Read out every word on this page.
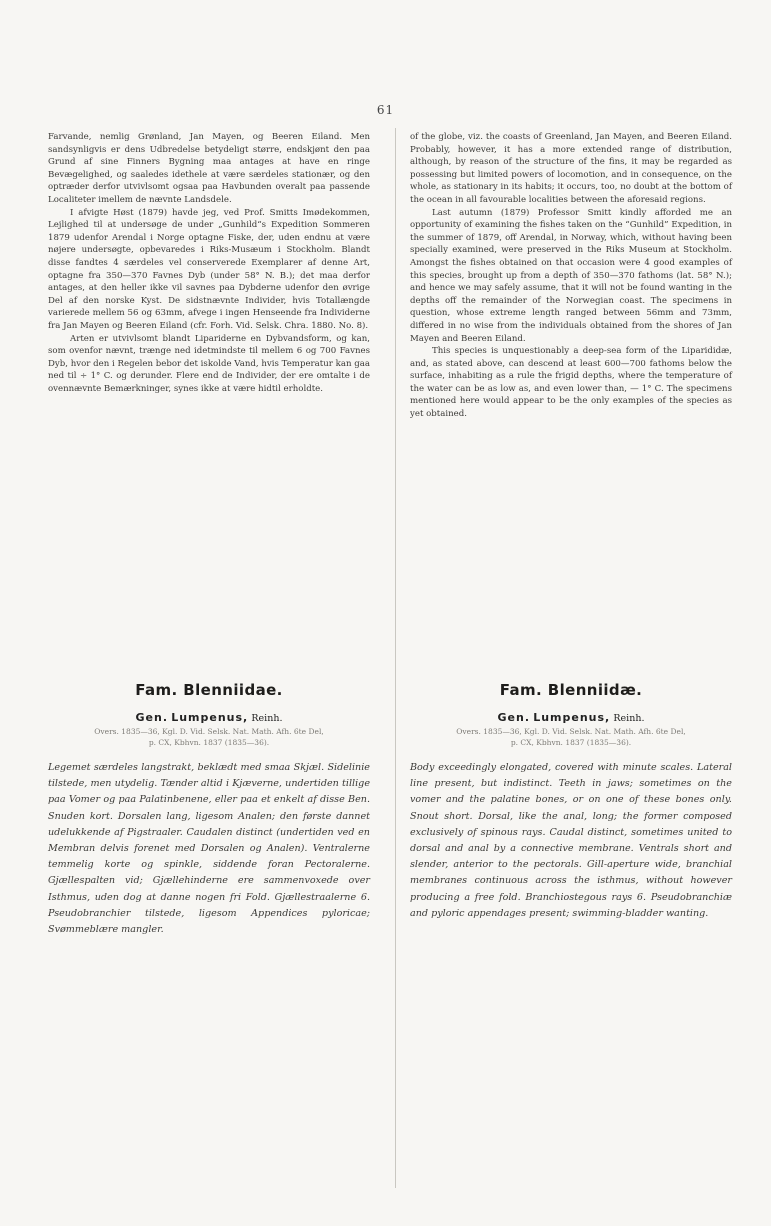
61

Farvande, nemlig Grønland, Jan Mayen, og Beeren Eiland. Men sandsynligvis er dens Udbredelse betydeligt større, endskjønt den paa Grund af sine Finners Bygning maa antages at have en ringe Bevægelighed, og saaledes idethele at være særdeles stationær, og den optræder derfor utvivlsomt ogsaa paa Havbunden overalt paa passende Localiteter imellem de nævnte Landsdele.

I afvigte Høst (1879) havde jeg, ved Prof. Smitts Imødekommen, Lejlighed til at undersøge de under „Gunhild“s Expedition Sommeren 1879 udenfor Arendal i Norge optagne Fiske, der, uden endnu at være nøjere undersøgte, opbevaredes i Riks-Musæum i Stockholm. Blandt disse fandtes 4 særdeles vel conserverede Exemplarer af denne Art, optagne fra 350—370 Favnes Dyb (under 58° N. B.); det maa derfor antages, at den heller ikke vil savnes paa Dybderne udenfor den øvrige Del af den norske Kyst. De sidstnævnte Individer, hvis Totallængde varierede mellem 56 og 63mm, afvege i ingen Henseende fra Individerne fra Jan Mayen og Beeren Eiland (cfr. Forh. Vid. Selsk. Chra. 1880. No. 8).

Arten er utvivlsomt blandt Lipariderne en Dybvandsform, og kan, som ovenfor nævnt, trænge ned idetmindste til mellem 6 og 700 Favnes Dyb, hvor den i Regelen bebor det iskolde Vand, hvis Temperatur kan gaa ned til ÷ 1° C. og derunder. Flere end de Individer, der ere omtalte i de ovennævnte Bemærkninger, synes ikke at være hidtil erholdte.

of the globe, viz. the coasts of Greenland, Jan Mayen, and Beeren Eiland. Probably, however, it has a more extended range of distribution, although, by reason of the structure of the fins, it may be regarded as possessing but limited powers of locomotion, and in consequence, on the whole, as stationary in its habits; it occurs, too, no doubt at the bottom of the ocean in all favourable localities between the aforesaid regions.

Last autumn (1879) Professor Smitt kindly afforded me an opportunity of examining the fishes taken on the “Gunhild” Expedition, in the summer of 1879, off Arendal, in Norway, which, without having been specially examined, were preserved in the Riks Museum at Stockholm. Amongst the fishes obtained on that occasion were 4 good examples of this species, brought up from a depth of 350—370 fathoms (lat. 58° N.); and hence we may safely assume, that it will not be found wanting in the depths off the remainder of the Norwegian coast. The specimens in question, whose extreme length ranged between 56mm and 73mm, differed in no wise from the individuals obtained from the shores of Jan Mayen and Beeren Eiland.

This species is unquestionably a deep-sea form of the Liparididæ, and, as stated above, can descend at least 600—700 fathoms below the surface, inhabiting as a rule the frigid depths, where the temperature of the water can be as low as, and even lower than, — 1° C. The specimens mentioned here would appear to be the only examples of the species as yet obtained.

Fam. Blenniidae.	Fam. Blenniidæ.
Gen. Lumpenus, Reinh.	Gen. Lumpenus, Reinh.
Overs. 1835—36, Kgl. D. Vid. Selsk. Nat. Math. Afh. 6te Del,
p. CX, Kbhvn. 1837 (1835—36).
Overs. 1835—36, Kgl. D. Vid. Selsk. Nat. Math. Afh. 6te Del,
p. CX, Kbhvn. 1837 (1835—36).
Legemet særdeles langstrakt, beklædt med smaa Skjæl. Sidelinie tilstede, men utydelig. Tænder altid i Kjæverne, undertiden tillige paa Vomer og paa Palatinbenene, eller paa et enkelt af disse Ben. Snuden kort. Dorsalen lang, ligesom Analen; den første dannet udelukkende af Pigstraaler. Caudalen distinct (undertiden ved en Membran delvis forenet med Dorsalen og Analen). Ventralerne temmelig korte og spinkle, siddende foran Pectoralerne. Gjællespalten vid; Gjællehinderne ere sammenvoxede over Isthmus, uden dog at danne nogen fri Fold. Gjællestraalerne 6. Pseudobranchier tilstede, ligesom Appendices pyloricae; Svømmeblære mangler.
Body exceedingly elongated, covered with minute scales. Lateral line present, but indistinct. Teeth in jaws; sometimes on the vomer and the palatine bones, or on one of these bones only. Snout short. Dorsal, like the anal, long; the former composed exclusively of spinous rays. Caudal distinct, sometimes united to dorsal and anal by a connective membrane. Ventrals short and slender, anterior to the pectorals. Gill-aperture wide, branchial membranes continuous across the isthmus, without however producing a free fold. Branchiostegous rays 6. Pseudobranchiæ and pyloric appendages present; swimming-bladder wanting.
